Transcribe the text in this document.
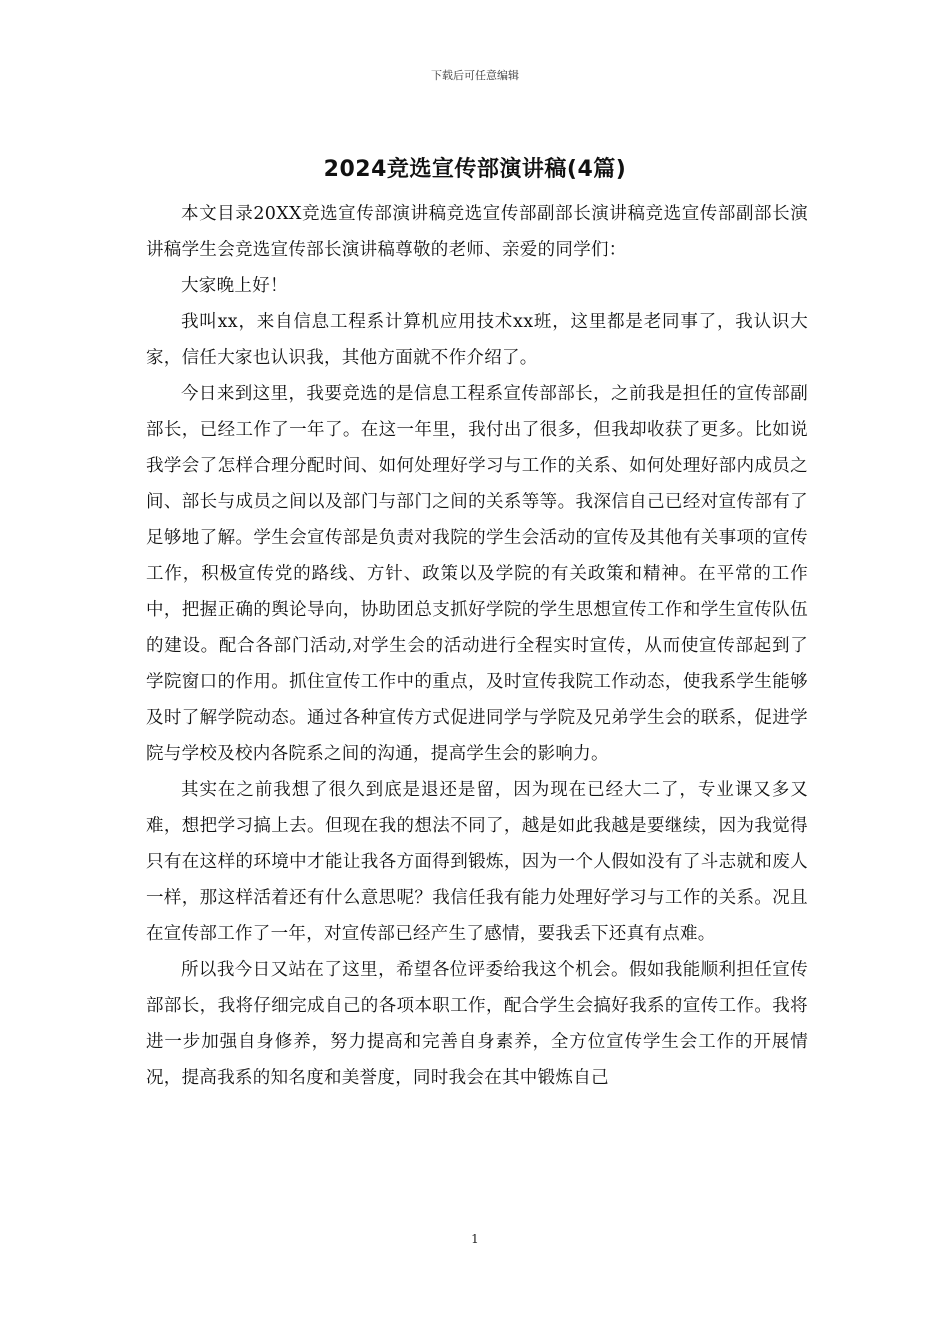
下载后可任意编辑
2024竞选宣传部演讲稿(4篇)

本文目录20XX竞选宣传部演讲稿竞选宣传部副部长演讲稿竞选宣传部副部长演讲稿学生会竞选宣传部长演讲稿尊敬的老师、亲爱的同学们：

大家晚上好！

我叫xx，来自信息工程系计算机应用技术xx班，这里都是老同事了，我认识大家，信任大家也认识我，其他方面就不作介绍了。

今日来到这里，我要竞选的是信息工程系宣传部部长，之前我是担任的宣传部副部长，已经工作了一年了。在这一年里，我付出了很多，但我却收获了更多。比如说我学会了怎样合理分配时间、如何处理好学习与工作的关系、如何处理好部内成员之间、部长与成员之间以及部门与部门之间的关系等等。我深信自己已经对宣传部有了足够地了解。学生会宣传部是负责对我院的学生会活动的宣传及其他有关事项的宣传工作，积极宣传党的路线、方针、政策以及学院的有关政策和精神。在平常的工作中，把握正确的舆论导向，协助团总支抓好学院的学生思想宣传工作和学生宣传队伍的建设。配合各部门活动,对学生会的活动进行全程实时宣传，从而使宣传部起到了学院窗口的作用。抓住宣传工作中的重点，及时宣传我院工作动态，使我系学生能够及时了解学院动态。通过各种宣传方式促进同学与学院及兄弟学生会的联系，促进学院与学校及校内各院系之间的沟通，提高学生会的影响力。

其实在之前我想了很久到底是退还是留，因为现在已经大二了，专业课又多又难，想把学习搞上去。但现在我的想法不同了，越是如此我越是要继续，因为我觉得只有在这样的环境中才能让我各方面得到锻炼，因为一个人假如没有了斗志就和废人一样，那这样活着还有什么意思呢？我信任我有能力处理好学习与工作的关系。况且在宣传部工作了一年，对宣传部已经产生了感情，要我丢下还真有点难。

所以我今日又站在了这里，希望各位评委给我这个机会。假如我能顺利担任宣传部部长，我将仔细完成自己的各项本职工作，配合学生会搞好我系的宣传工作。我将进一步加强自身修养，努力提高和完善自身素养，全方位宣传学生会工作的开展情况，提高我系的知名度和美誉度，同时我会在其中锻炼自己

1
